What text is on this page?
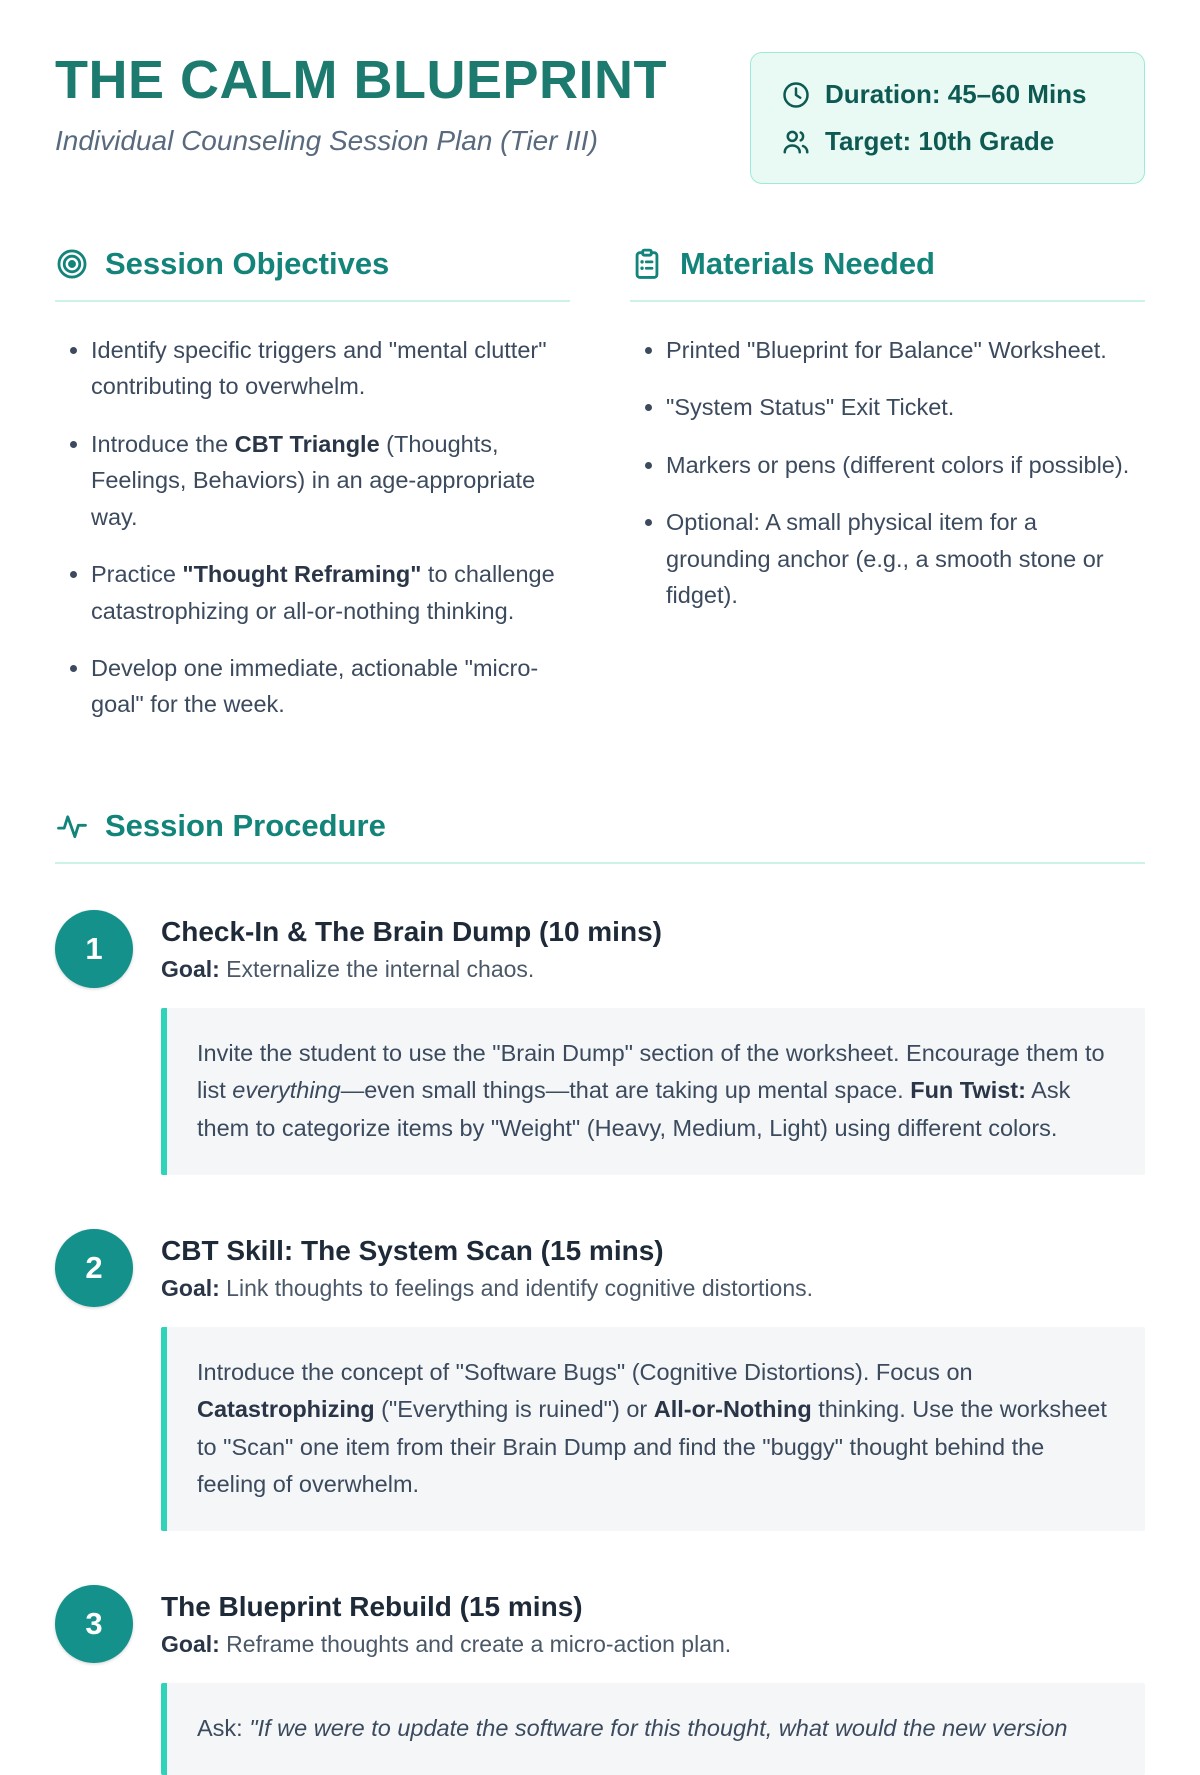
THE CALM BLUEPRINT

Individual Counseling Session Plan (Tier III)

Duration: 45–60 Mins
Target: 10th Grade
Session Objectives
• Identify specific triggers and "mental clutter" contributing to overwhelm.
• Introduce the CBT Triangle (Thoughts, Feelings, Behaviors) in an age-appropriate way.
• Practice "Thought Reframing" to challenge catastrophizing or all-or-nothing thinking.
• Develop one immediate, actionable "micro-goal" for the week.
Materials Needed
• Printed "Blueprint for Balance" Worksheet.
• "System Status" Exit Ticket.
• Markers or pens (different colors if possible).
• Optional: A small physical item for a grounding anchor (e.g., a smooth stone or fidget).
Session Procedure
1	Check-In & The Brain Dump (10 mins)

Goal: Externalize the internal chaos.

Invite the student to use the "Brain Dump" section of the worksheet. Encourage them to list everything—even small things—that are taking up mental space. Fun Twist: Ask them to categorize items by "Weight" (Heavy, Medium, Light) using different colors.
2	CBT Skill: The System Scan (15 mins)

Goal: Link thoughts to feelings and identify cognitive distortions.

Introduce the concept of "Software Bugs" (Cognitive Distortions). Focus on Catastrophizing ("Everything is ruined") or All-or-Nothing thinking. Use the worksheet to "Scan" one item from their Brain Dump and find the "buggy" thought behind the feeling of overwhelm.
3	The Blueprint Rebuild (15 mins)

Goal: Reframe thoughts and create a micro-action plan.

Ask: "If we were to update the software for this thought, what would the new version
